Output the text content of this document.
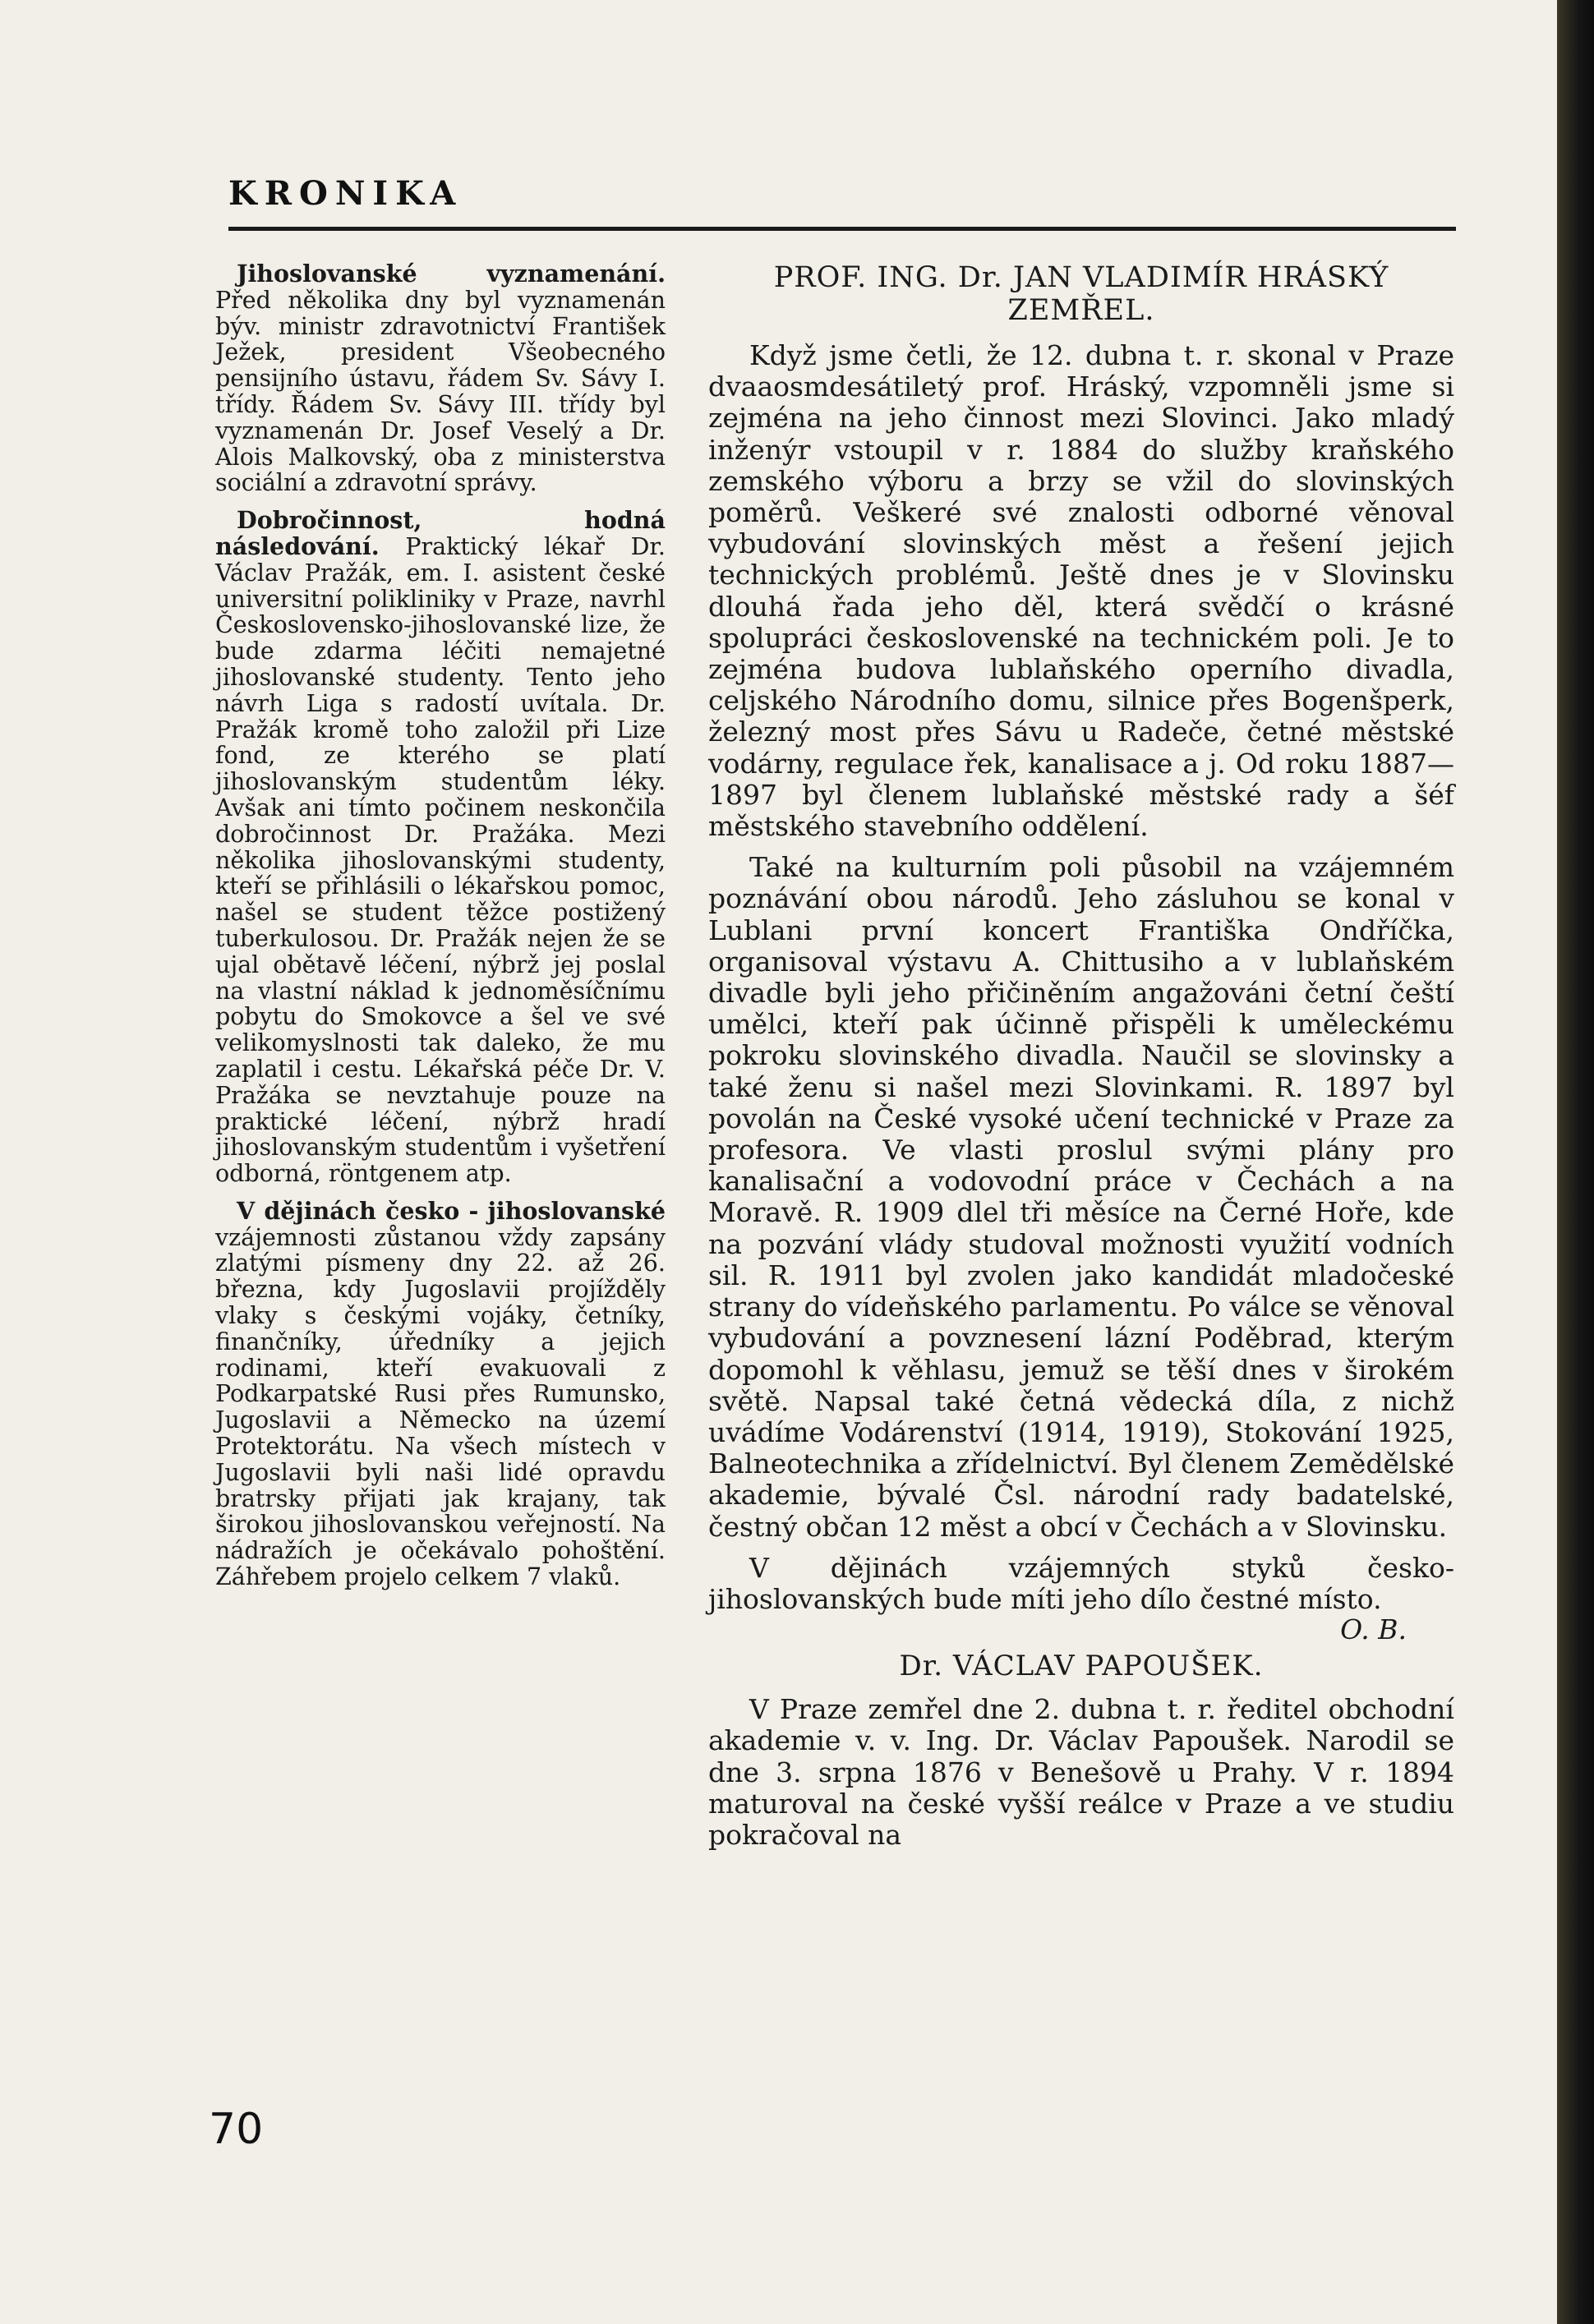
KRONIKA

Jihoslovanské vyznamenání. Před několika dny byl vyznamenán býv. ministr zdravotnictví František Ježek, president Všeobecného pensijního ústavu, řádem Sv. Sávy I. třídy. Řádem Sv. Sávy III. třídy byl vyznamenán Dr. Josef Veselý a Dr. Alois Malkovský, oba z ministerstva sociální a zdravotní správy.

Dobročinnost, hodná následování. Praktický lékař Dr. Václav Pražák, em. I. asistent české universitní polikliniky v Praze, navrhl Československo-jihoslovanské lize, že bude zdarma léčiti nemajetné jihoslovanské studenty. Tento jeho návrh Liga s radostí uvítala. Dr. Pražák kromě toho založil při Lize fond, ze kterého se platí jihoslovanským studentům léky. Avšak ani tímto počinem neskončila dobročinnost Dr. Pražáka. Mezi několika jihoslovanskými studenty, kteří se přihlásili o lékařskou pomoc, našel se student těžce postižený tuberkulosou. Dr. Pražák nejen že se ujal obětavě léčení, nýbrž jej poslal na vlastní náklad k jednoměsíčnímu pobytu do Smokovce a šel ve své velikomyslnosti tak daleko, že mu zaplatil i cestu. Lékařská péče Dr. V. Pražáka se nevztahuje pouze na praktické léčení, nýbrž hradí jihoslovanským studentům i vyšetření odborná, röntgenem atp.

V dějinách česko - jihoslovanské vzájemnosti zůstanou vždy zapsány zlatými písmeny dny 22. až 26. března, kdy Jugoslavii projížděly vlaky s českými vojáky, četníky, finančníky, úředníky a jejich rodinami, kteří evakuovali z Podkarpatské Rusi přes Rumunsko, Jugoslavii a Německo na území Protektorátu. Na všech místech v Jugoslavii byli naši lidé opravdu bratrsky přijati jak krajany, tak širokou jihoslovanskou veřejností. Na nádražích je očekávalo pohoštění. Záhřebem projelo celkem 7 vlaků.

PROF. ING. Dr. JAN VLADIMÍR HRÁSKÝ ZEMŘEL.

Když jsme četli, že 12. dubna t. r. skonal v Praze dvaaosmdesátiletý prof. Hráský, vzpomněli jsme si zejména na jeho činnost mezi Slovinci. Jako mladý inženýr vstoupil v r. 1884 do služby kraňského zemského výboru a brzy se vžil do slovinských poměrů. Veškeré své znalosti odborné věnoval vybudování slovinských měst a řešení jejich technických problémů. Ještě dnes je v Slovinsku dlouhá řada jeho děl, která svědčí o krásné spolupráci československé na technickém poli. Je to zejména budova lublaňského operního divadla, celjského Národního domu, silnice přes Bogenšperk, železný most přes Sávu u Radeče, četné městské vodárny, regulace řek, kanalisace a j. Od roku 1887—1897 byl členem lublaňské městské rady a šéf městského stavebního oddělení.

Také na kulturním poli působil na vzájemném poznávání obou národů. Jeho zásluhou se konal v Lublani první koncert Františka Ondříčka, organisoval výstavu A. Chittusiho a v lublaňském divadle byli jeho přičiněním angažováni četní čeští umělci, kteří pak účinně přispěli k uměleckému pokroku slovinského divadla. Naučil se slovinsky a také ženu si našel mezi Slovinkami. R. 1897 byl povolán na České vysoké učení technické v Praze za profesora. Ve vlasti proslul svými plány pro kanalisační a vodovodní práce v Čechách a na Moravě. R. 1909 dlel tři měsíce na Černé Hoře, kde na pozvání vlády studoval možnosti využití vodních sil. R. 1911 byl zvolen jako kandidát mladočeské strany do vídeňského parlamentu. Po válce se věnoval vybudování a povznesení lázní Poděbrad, kterým dopomohl k věhlasu, jemuž se těší dnes v širokém světě. Napsal také četná vědecká díla, z nichž uvádíme Vodárenství (1914, 1919), Stokování 1925, Balneotechnika a zřídelnictví. Byl členem Zemědělské akademie, bývalé Čsl. národní rady badatelské, čestný občan 12 měst a obcí v Čechách a v Slovinsku.

V dějinách vzájemných styků česko-jihoslovanských bude míti jeho dílo čestné místo.

O. B.
Dr. VÁCLAV PAPOUŠEK.

V Praze zemřel dne 2. dubna t. r. ředitel obchodní akademie v. v. Ing. Dr. Václav Papoušek. Narodil se dne 3. srpna 1876 v Benešově u Prahy. V r. 1894 maturoval na české vyšší reálce v Praze a ve studiu pokračoval na

70
